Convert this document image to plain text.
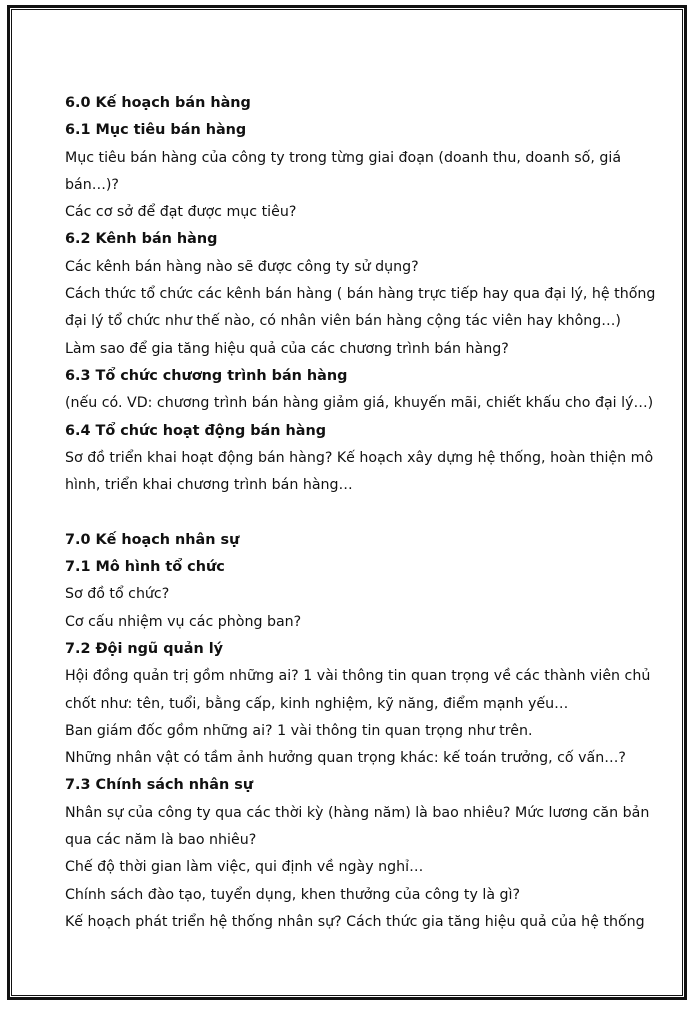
6.0 Kế hoạch bán hàng
6.1 Mục tiêu bán hàng
Mục tiêu bán hàng của công ty trong từng giai đoạn (doanh thu, doanh số, giá
bán…)?
Các cơ sở để đạt được mục tiêu?
6.2 Kênh bán hàng
Các kênh bán hàng nào sẽ được công ty sử dụng?
Cách thức tổ chức các kênh bán hàng ( bán hàng trực tiếp hay qua đại lý, hệ thống
đại lý tổ chức như thế nào, có nhân viên bán hàng cộng tác viên hay không…)
Làm sao để gia tăng hiệu quả của các chương trình bán hàng?
6.3 Tổ chức chương trình bán hàng
(nếu có. VD: chương trình bán hàng giảm giá, khuyến mãi, chiết khấu cho đại lý…)
6.4 Tổ chức hoạt động bán hàng
Sơ đồ triển khai hoạt động bán hàng? Kế hoạch xây dựng hệ thống, hoàn thiện mô
hình, triển khai chương trình bán hàng…
7.0 Kế hoạch nhân sự
7.1 Mô hình tổ chức
Sơ đồ tổ chức?
Cơ cấu nhiệm vụ các phòng ban?
7.2 Đội ngũ quản lý
Hội đồng quản trị gồm những ai? 1 vài thông tin quan trọng về các thành viên chủ
chốt như: tên, tuổi, bằng cấp, kinh nghiệm, kỹ năng, điểm mạnh yếu…
Ban giám đốc gồm những ai? 1 vài thông tin quan trọng như trên.
Những nhân vật có tầm ảnh hưởng quan trọng khác: kế toán trưởng, cố vấn…?
7.3 Chính sách nhân sự
Nhân sự của công ty qua các thời kỳ (hàng năm) là bao nhiêu? Mức lương căn bản
qua các năm là bao nhiêu?
Chế độ thời gian làm việc, qui định về ngày nghỉ…
Chính sách đào tạo, tuyển dụng, khen thưởng của công ty là gì?
Kế hoạch phát triển hệ thống nhân sự? Cách thức gia tăng hiệu quả của hệ thống
